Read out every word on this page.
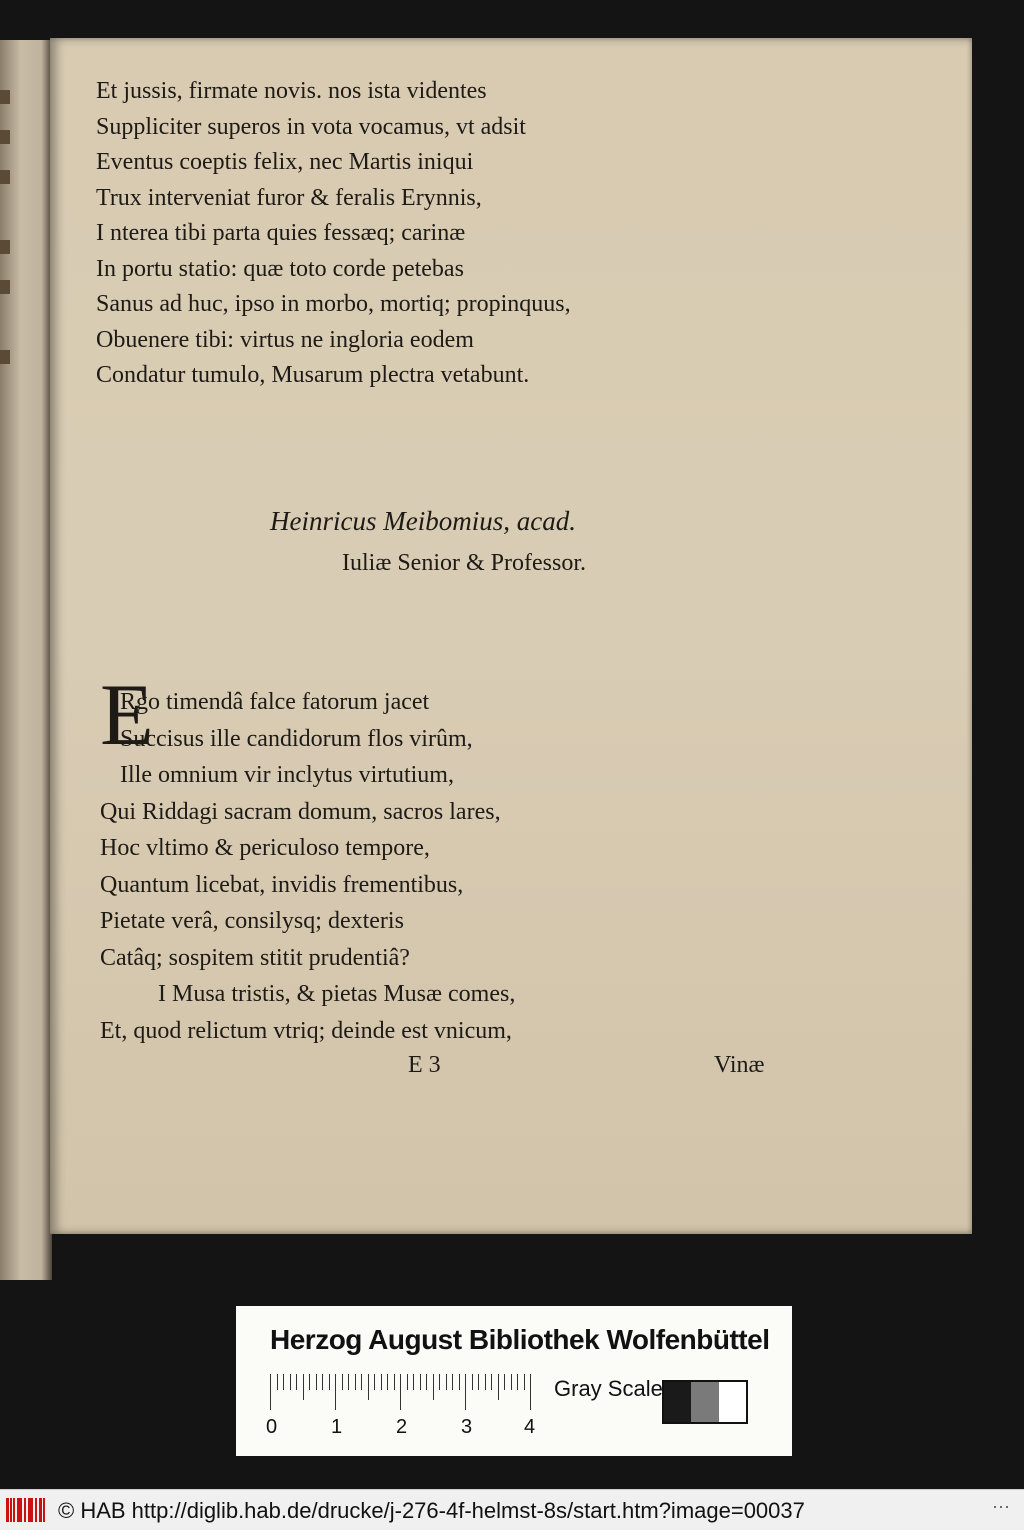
Et jussis, firmate novis. nos ista videntes
Suppliciter superos in vota vocamus, vt adsit
Eventus coeptis felix, nec Martis iniqui
Trux interveniat furor & feralis Erynnis,
I nterea tibi parta quies fessæq; carinæ
In portu statio: quæ toto corde petebas
Sanus ad huc, ipso in morbo, mortiq; propinquus,
Obuenere tibi: virtus ne ingloria eodem
Condatur tumulo, Musarum plectra vetabunt.
Heinricus Meibomius, acad.
Iuliæ Senior & Professor.
E
Rgo timendâ falce fatorum jacet
Succisus ille candidorum flos virûm,
Ille omnium vir inclytus virtutium,
Qui Riddagi sacram domum, sacros lares,
Hoc vltimo & periculoso tempore,
Quantum licebat, invidis frementibus,
Pietate verâ, consilysq; dexteris
Catâq; sospitem stitit prudentiâ?
I Musa tristis, & pietas Musæ comes,
Et, quod relictum vtriq; deinde est vnicum,
E 3	Vinæ
Herzog August Bibliothek Wolfenbüttel
0	1	2	3	4
Gray Scale
© HAB http://diglib.hab.de/drucke/j-276-4f-helmst-8s/start.htm?image=00037	···
